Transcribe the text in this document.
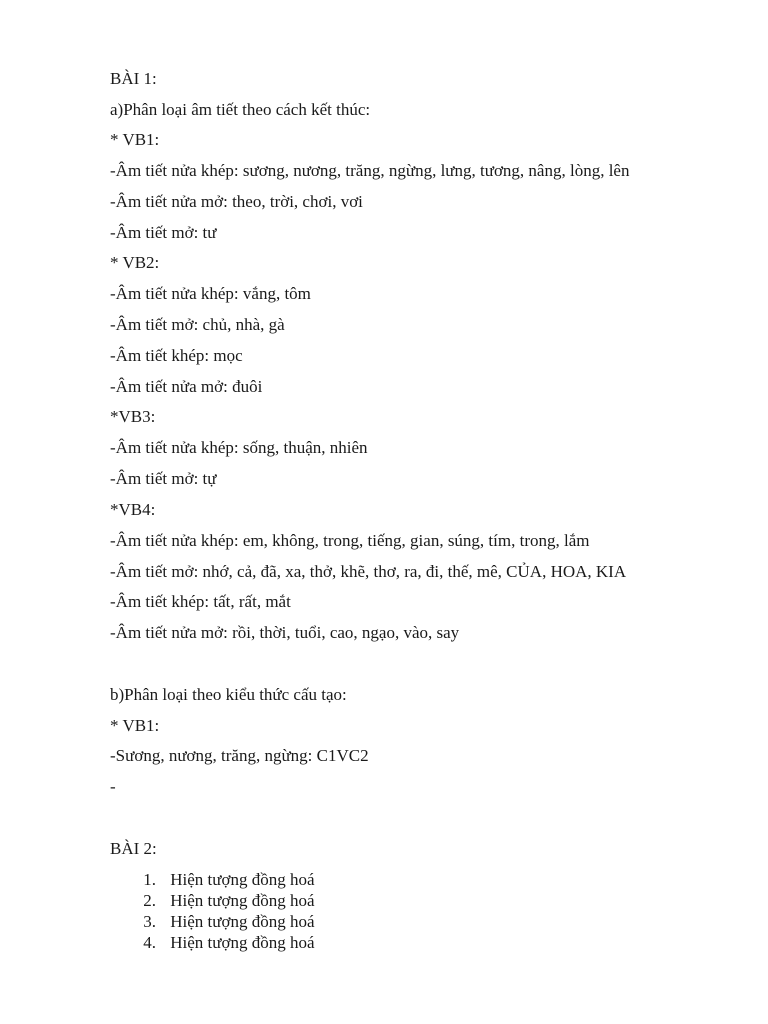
BÀI 1:

a)Phân loại âm tiết theo cách kết thúc:

* VB1:

-Âm tiết nửa khép: sương, nương, trăng, ngừng, lưng, tương, nâng, lòng, lên

-Âm tiết nửa mở: theo, trời, chơi, vơi

-Âm tiết mở: tư

* VB2:

-Âm tiết nửa khép: vắng, tôm

-Âm tiết mở: chủ, nhà, gà

-Âm tiết khép: mọc

-Âm tiết nửa mở: đuôi

*VB3:

-Âm tiết nửa khép: sống, thuận, nhiên

-Âm tiết mở: tự

*VB4:

-Âm tiết nửa khép: em, không, trong, tiếng, gian, súng, tím, trong, lắm

-Âm tiết mở: nhớ, cả, đã, xa, thở, khẽ, thơ, ra, đi, thế, mê, CỦA, HOA, KIA

-Âm tiết khép: tất, rất, mắt

-Âm tiết nửa mở: rồi, thời, tuổi, cao, ngạo, vào, say

b)Phân loại theo kiểu thức cấu tạo:

* VB1:

-Sương, nương, trăng, ngừng: C1VC2

-

BÀI 2:

1. Hiện tượng đồng hoá
2. Hiện tượng đồng hoá
3. Hiện tượng đồng hoá
4. Hiện tượng đồng hoá
